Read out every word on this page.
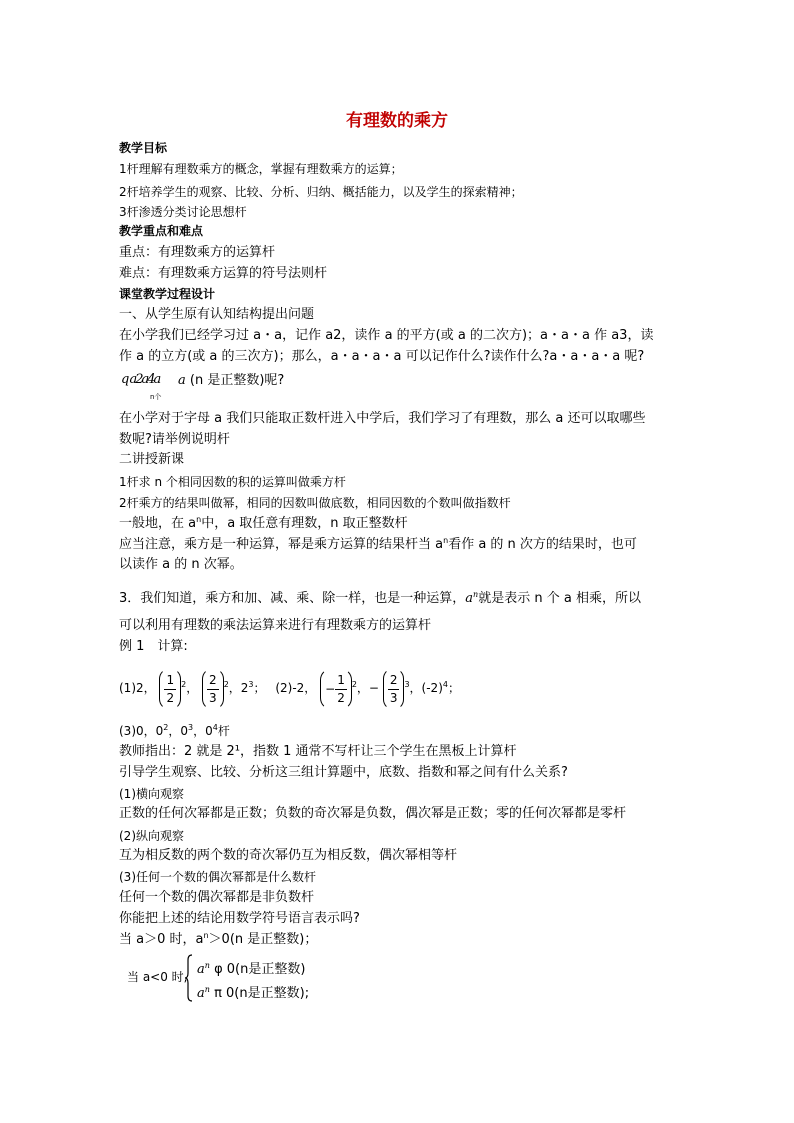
有理数的乘方
教学目标
1杆理解有理数乘方的概念，掌握有理数乘方的运算；
2杆培养学生的观察、比较、分析、归纳、概括能力，以及学生的探索精神；
3杆渗透分类讨论思想杆
教学重点和难点
重点：有理数乘方的运算杆
难点：有理数乘方运算的符号法则杆
课堂教学过程设计
一、从学生原有认知结构提出问题
在小学我们已经学习过 a・a，记作 a2，读作 a 的平方(或 a 的二次方)；a・a・a 作 a3，读
作 a 的立方(或 a 的三次方)；那么，a・a・a・a 可以记作什么?读作什么?a・a・a・a 呢?
q a2a4a
n个
a (n 是正整数)呢?
在小学对于字母 a 我们只能取正数杆进入中学后，我们学习了有理数，那么 a 还可以取哪些
数呢?请举例说明杆
二讲授新课
1杆求 n 个相同因数的积的运算叫做乘方杆
2杆乘方的结果叫做幂，相同的因数叫做底数，相同因数的个数叫做指数杆
一般地，在 $a^n$中，a 取任意有理数，n 取正整数杆
应当注意，乘方是一种运算，幂是乘方运算的结果杆当 $a^n$看作 a 的 n 次方的结果时，也可
以读作 a 的 n 次幂。
3．我们知道，乘方和加、减、乘、除一样，也是一种运算，$a^n$就是表示 n 个 a 相乘，所以
可以利用有理数的乘法运算来进行有理数乘方的运算杆
例 1　计算:
(1)2， $\frac{1}{2} ^2$， $\frac{2}{3} ^2$，$2^3$；　 (2)-2， − $\frac{1}{2} ^2$，− $\frac{2}{3} ^3$，$(-2)^4$；
(3)0，$0^2$，$0^3$，$0^4$杆
教师指出：2 就是 2¹，指数 1 通常不写杆让三个学生在黑板上计算杆
引导学生观察、比较、分析这三组计算题中，底数、指数和幂之间有什么关系?
(1)横向观察
正数的任何次幂都是正数；负数的奇次幂是负数，偶次幂是正数；零的任何次幂都是零杆
(2)纵向观察
互为相反数的两个数的奇次幂仍互为相反数，偶次幂相等杆
(3)任何一个数的偶次幂都是什么数杆
任何一个数的偶次幂都是非负数杆
你能把上述的结论用数学符号语言表示吗?
当 a＞0 时，$a^n>0(n$ 是正整数)；
当 a<0 时, $a^n$ φ 0(n是正整数)
$a^n$ π 0(n是正整数);
